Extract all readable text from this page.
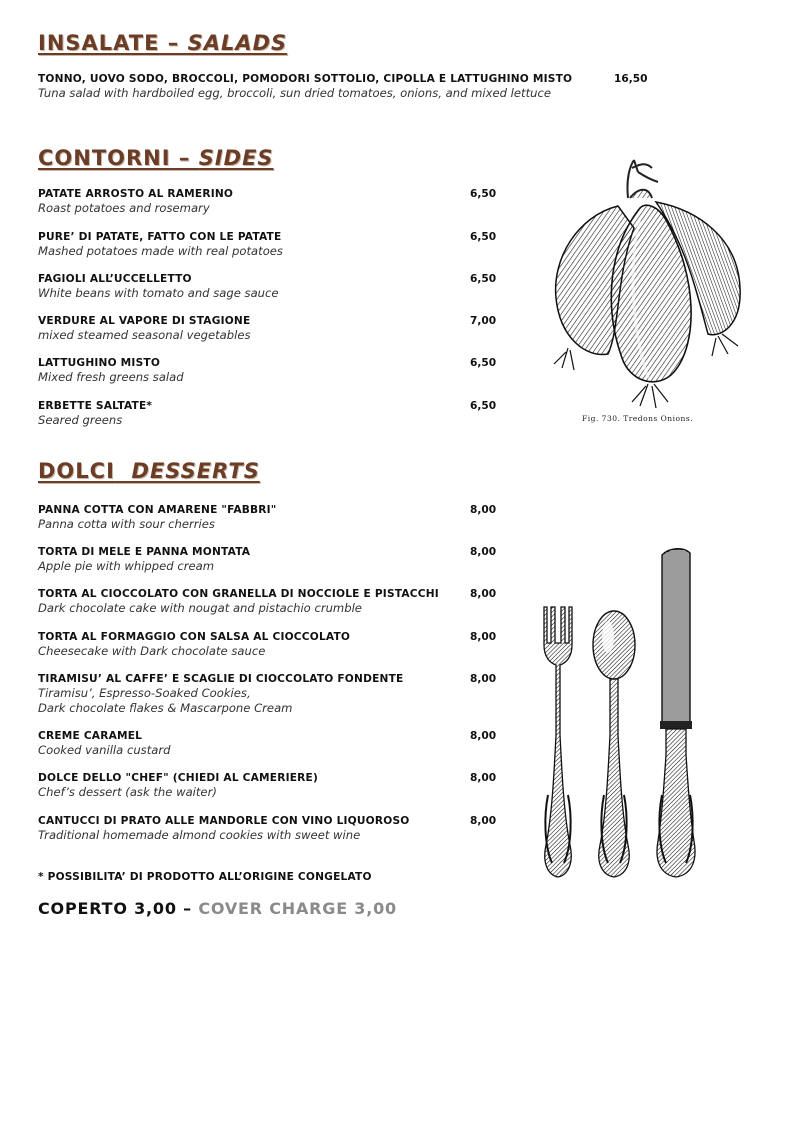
INSALATE – SALADS
TONNO, UOVO SODO, BROCCOLI, POMODORI SOTTOLIO, CIPOLLA E LATTUGHINO MISTO
Tuna salad with hardboiled egg, broccoli, sun dried tomatoes, onions, and mixed lettuce
16,50
CONTORNI – SIDES
PATATE ARROSTO AL RAMERINO
Roast potatoes and rosemary
6,50
PURE’ DI PATATE, FATTO CON LE PATATE
Mashed potatoes made with real potatoes
6,50
FAGIOLI ALL’UCCELLETTO
White beans with tomato and sage sauce
6,50
VERDURE AL VAPORE DI STAGIONE
mixed steamed seasonal vegetables
7,00
LATTUGHINO MISTO
Mixed fresh greens salad
6,50
ERBETTE SALTATE*
Seared greens
6,50
Fig. 730. Tredons Onions.
DOLCI DESSERTS
PANNA COTTA CON AMARENE "FABBRI"
Panna cotta with sour cherries
8,00
TORTA DI MELE E PANNA MONTATA
Apple pie with whipped cream
8,00
TORTA AL CIOCCOLATO CON GRANELLA DI NOCCIOLE E PISTACCHI
Dark chocolate cake with nougat and pistachio crumble
8,00
TORTA AL FORMAGGIO CON SALSA AL CIOCCOLATO
Cheesecake with Dark chocolate sauce
8,00
TIRAMISU’ AL CAFFE’ E SCAGLIE DI CIOCCOLATO FONDENTE
Tiramisu’, Espresso-Soaked Cookies,
Dark chocolate flakes & Mascarpone Cream
8,00
CREME CARAMEL
Cooked vanilla custard
8,00
DOLCE DELLO "CHEF" (CHIEDI AL CAMERIERE)
Chef’s dessert (ask the waiter)
8,00
CANTUCCI DI PRATO ALLE MANDORLE CON VINO LIQUOROSO
Traditional homemade almond cookies with sweet wine
8,00
* POSSIBILITA’ DI PRODOTTO ALL’ORIGINE CONGELATO
COPERTO 3,00 – COVER CHARGE 3,00
